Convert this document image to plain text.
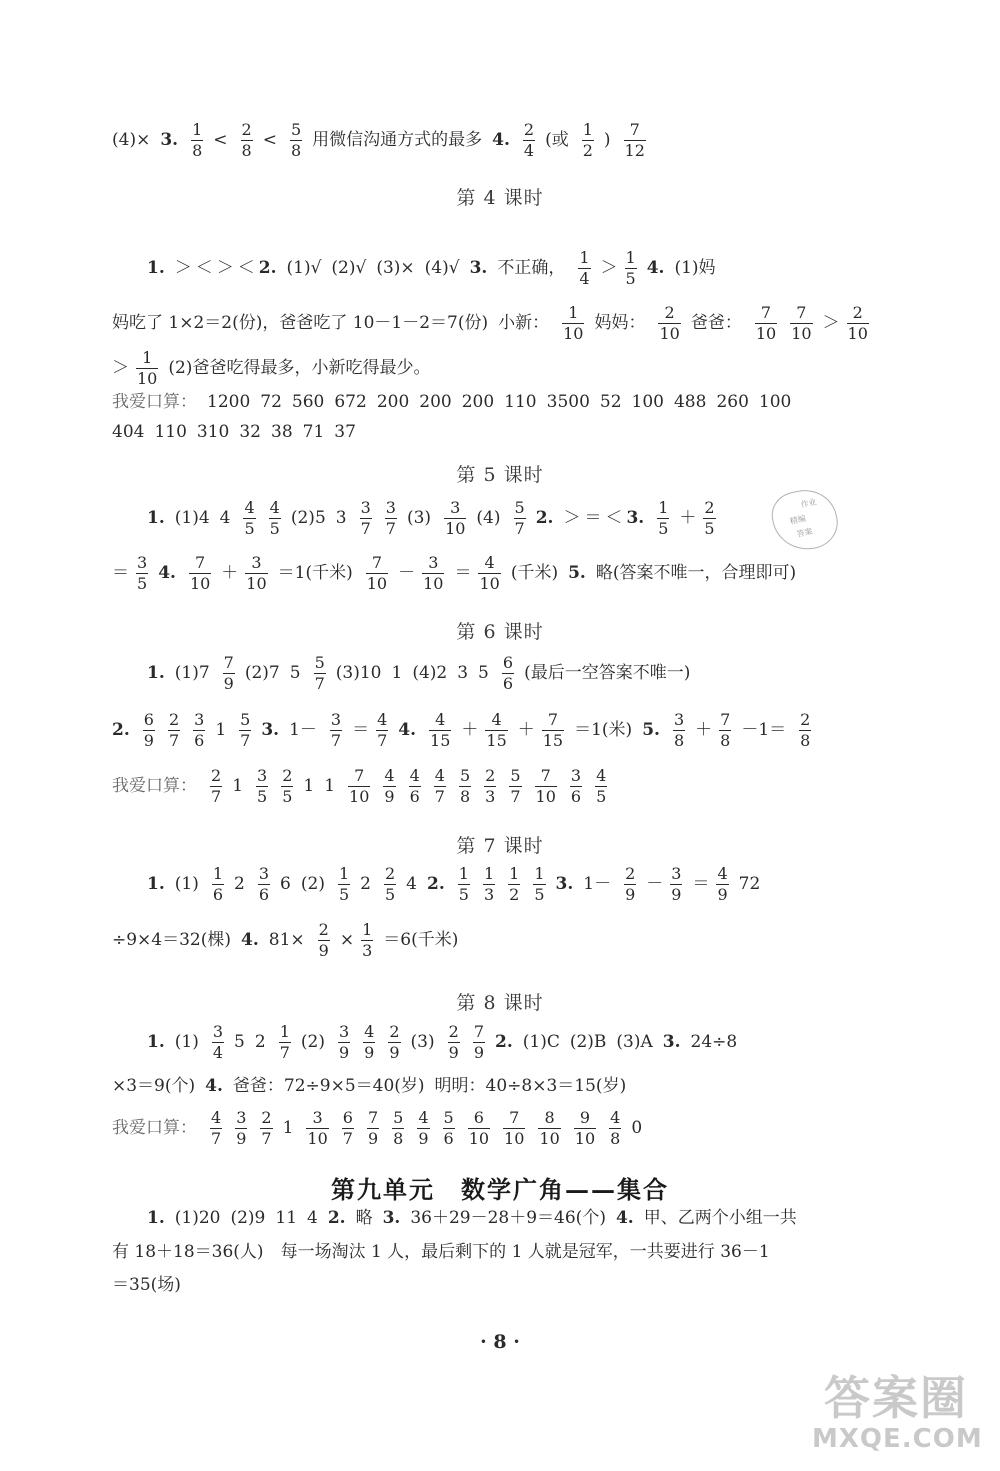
(4)× 3. $\frac{1}{8} < \frac{2}{8} < \frac{5}{8}$ 用微信沟通方式的最多 4. $\frac{2}{4}$ (或 $\frac{1}{2}$ ) $\frac{7}{12}$
第 4 课时
1. ＞ ＜ ＞ ＜ 2. (1)√ (2)√ (3)× (4)√ 3. 不正确， $\frac{1}{4} > \frac{1}{5} 4$. (1)妈
妈吃了 1×2＝2(份)，爸爸吃了 10－1－2＝7(份) 小新： $\frac{1}{10}$ 妈妈： $\frac{2}{10}$ 爸爸： $\frac{7}{10} \frac{7}{10} > \frac{2}{10}$
＞ $\frac{1}{10} (2)$爸爸吃得最多，小新吃得最少。
我爱口算： 1200 72 560 672 200 200 200 110 3500 52 100 488 260 100
404 110 310 32 38 71 37
第 5 课时
1. (1)4 $4 \frac{4}{5} \frac{4}{5} (2)5$ $3 \frac{3}{7} \frac{3}{7} (3) \frac{3}{10} (4) \frac{5}{7} 2$. ＞ ＝ ＜ 3. $\frac{1}{5} + \frac{2}{5}$
＝ $\frac{3}{5} 4$. $\frac{7}{10} + \frac{3}{10} =1$(千米) $\frac{7}{10} - \frac{3}{10} = \frac{4}{10}$ (千米) 5. 略(答案不唯一，合理即可)
第 6 课时
1. $(1)7 \frac{7}{9} (2)7$ $5 \frac{5}{7} (3)10$ 1 (4)2 3 $5 \frac{6}{6}$ (最后一空答案不唯一)
2. $\frac{6}{9} \frac{2}{7} \frac{3}{6} 1 \frac{5}{7} 3$. $1- \frac{3}{7} = \frac{4}{7} 4$. $\frac{4}{15} + \frac{4}{15} + \frac{7}{15} =1$(米) 5. $\frac{3}{8} + \frac{7}{8} -1= \frac{2}{8}$
我爱口算： $\frac{2}{7} 1 \frac{3}{5} \frac{2}{5} 1$ $1 \frac{7}{10} \frac{4}{9} \frac{4}{6} \frac{4}{7} \frac{5}{8} \frac{2}{3} \frac{5}{7} \frac{7}{10} \frac{3}{6} \frac{4}{5}$
第 7 课时
1. $(1) \frac{1}{6} 2 \frac{3}{6} 6$ $(2) \frac{1}{5} 2 \frac{2}{5} 4$ 2. $\frac{1}{5} \frac{1}{3} \frac{1}{2} \frac{1}{5} 3$. $1- \frac{2}{9} - \frac{3}{9} = \frac{4}{9} 72$
÷9×4＝32(棵) 4. $81\times \frac{2}{9} \times \frac{1}{3} =6$(千米)
第 8 课时
1. $(1) \frac{3}{4} 5$ $2 \frac{1}{7} (2) \frac{3}{9} \frac{4}{9} \frac{2}{9} (3) \frac{2}{9} \frac{7}{9} 2$. (1)C (2)B (3)A 3. 24÷8
×3＝9(个) 4. 爸爸：72÷9×5＝40(岁) 明明：40÷8×3＝15(岁)
我爱口算： $\frac{4}{7} \frac{3}{9} \frac{2}{7} 1 \frac{3}{10} \frac{6}{7} \frac{7}{9} \frac{5}{8} \frac{4}{9} \frac{5}{6} \frac{6}{10} \frac{7}{10} \frac{8}{10} \frac{9}{10} \frac{4}{8} 0$
第九单元　数学广角——集合
1. (1)20 (2)9 11 4 2. 略 3. 36＋29－28＋9＝46(个) 4. 甲、乙两个小组一共
有 18＋18＝36(人)　每一场淘汰 1 人，最后剩下的 1 人就是冠军，一共要进行 36－1
＝35(场)
· 8 ·
作业
精编
答案
答案圈
MXQE.COM
